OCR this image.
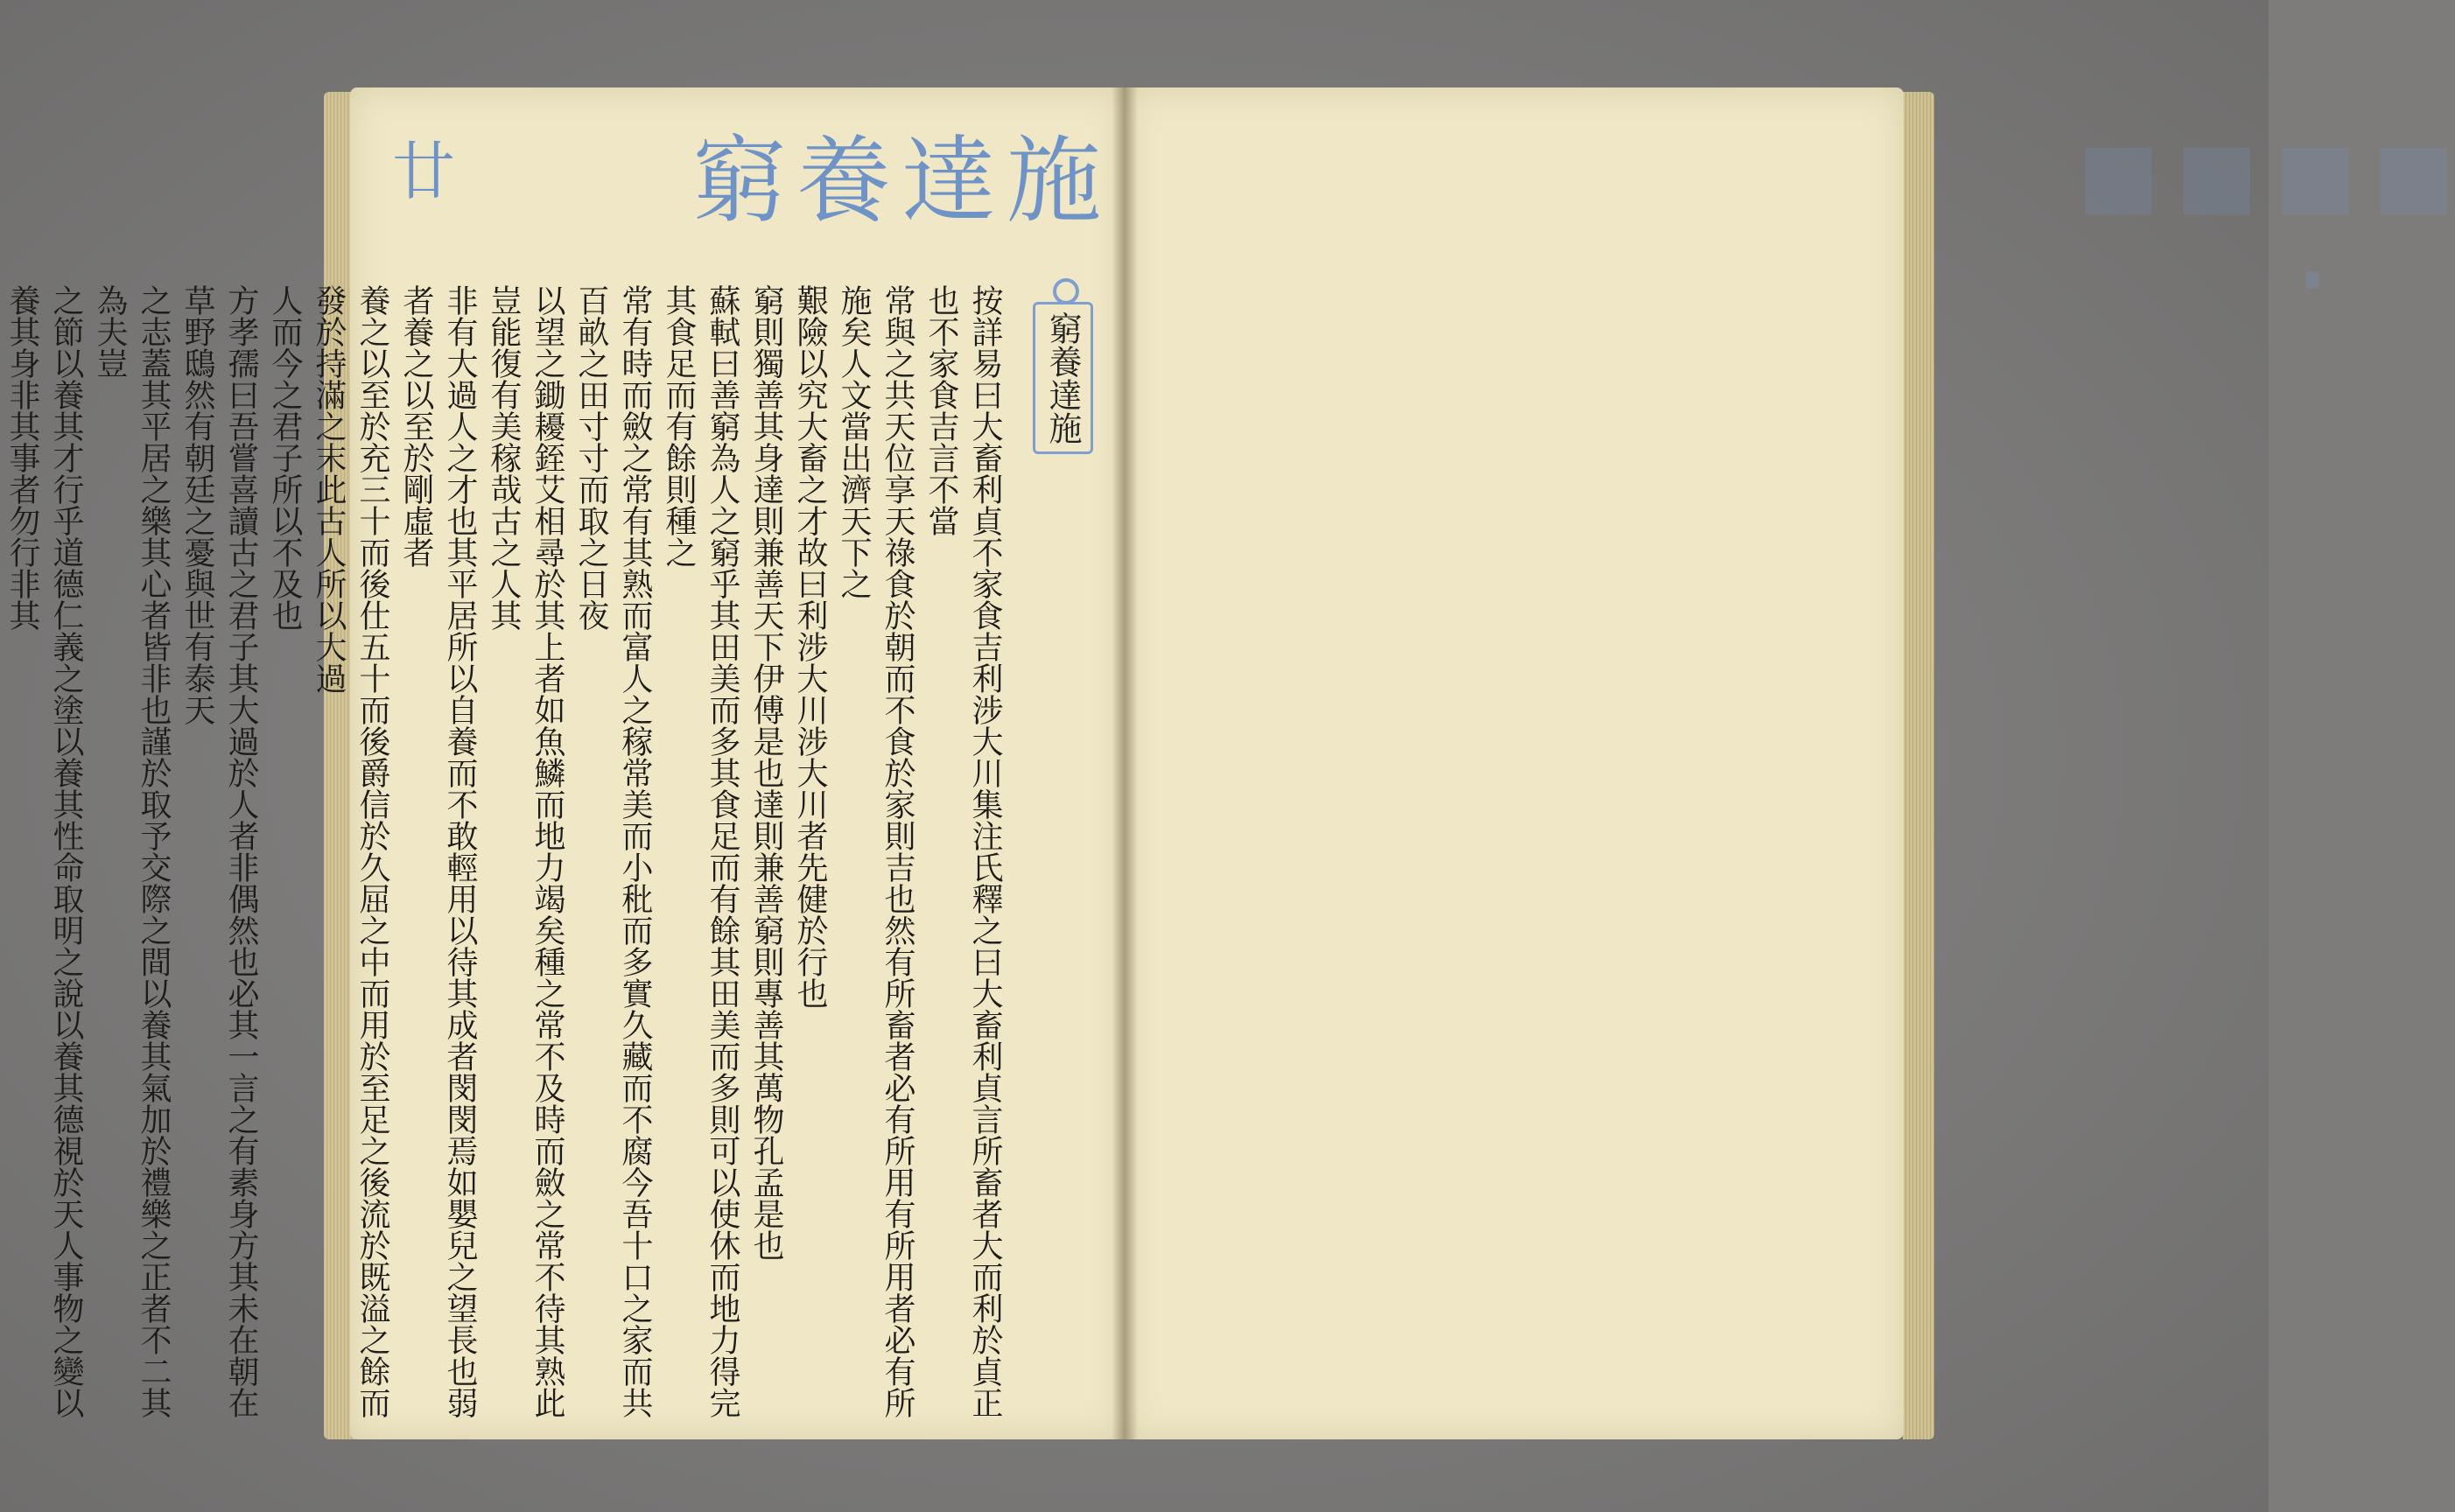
廿 窮養達施
窮養達施
按詳易曰大畜利貞不家食吉利涉大川集注氏釋之曰大畜利貞言所畜者大而利於貞正也不家食吉言不當
常與之共天位享天祿食於朝而不食於家則吉也然有所畜者必有所用有所用者必有所施矣人文當出濟天下之
艱險以究大畜之才故曰利涉大川涉大川者先健於行也
窮則獨善其身達則兼善天下伊傅是也達則兼善窮則專善其萬物孔孟是也
蘇軾曰善窮為人之窮乎其田美而多其食足而有餘其田美而多則可以使休而地力得完其食足而有餘則種之
常有時而斂之常有其熟而富人之稼常美而小秕而多實久藏而不腐今吾十口之家而共百畝之田寸寸而取之日夜
以望之鋤耰銍艾相尋於其上者如魚鱗而地力竭矣種之常不及時而斂之常不待其熟此豈能復有美稼哉古之人其
非有大過人之才也其平居所以自養而不敢輕用以待其成者閔閔焉如嬰兒之望長也弱者養之以至於剛虛者
養之以至於充三十而後仕五十而後爵信於久屈之中而用於至足之後流於既溢之餘而發於持滿之末此古人所以大過
人而今之君子所以不及也
方孝孺曰吾嘗喜讀古之君子其大過於人者非偶然也必其一言之有素身方其未在朝在草野鴟然有朝廷之憂與世有泰天
之志蓋其平居之樂其心者皆非也謹於取予交際之間以養其氣加於禮樂之正者不二其為夫豈
之節以養其才行乎道德仁義之塗以養其性命取明之說以養其德視於天人事物之變以養其身非其事者勿行非其
■■■■
